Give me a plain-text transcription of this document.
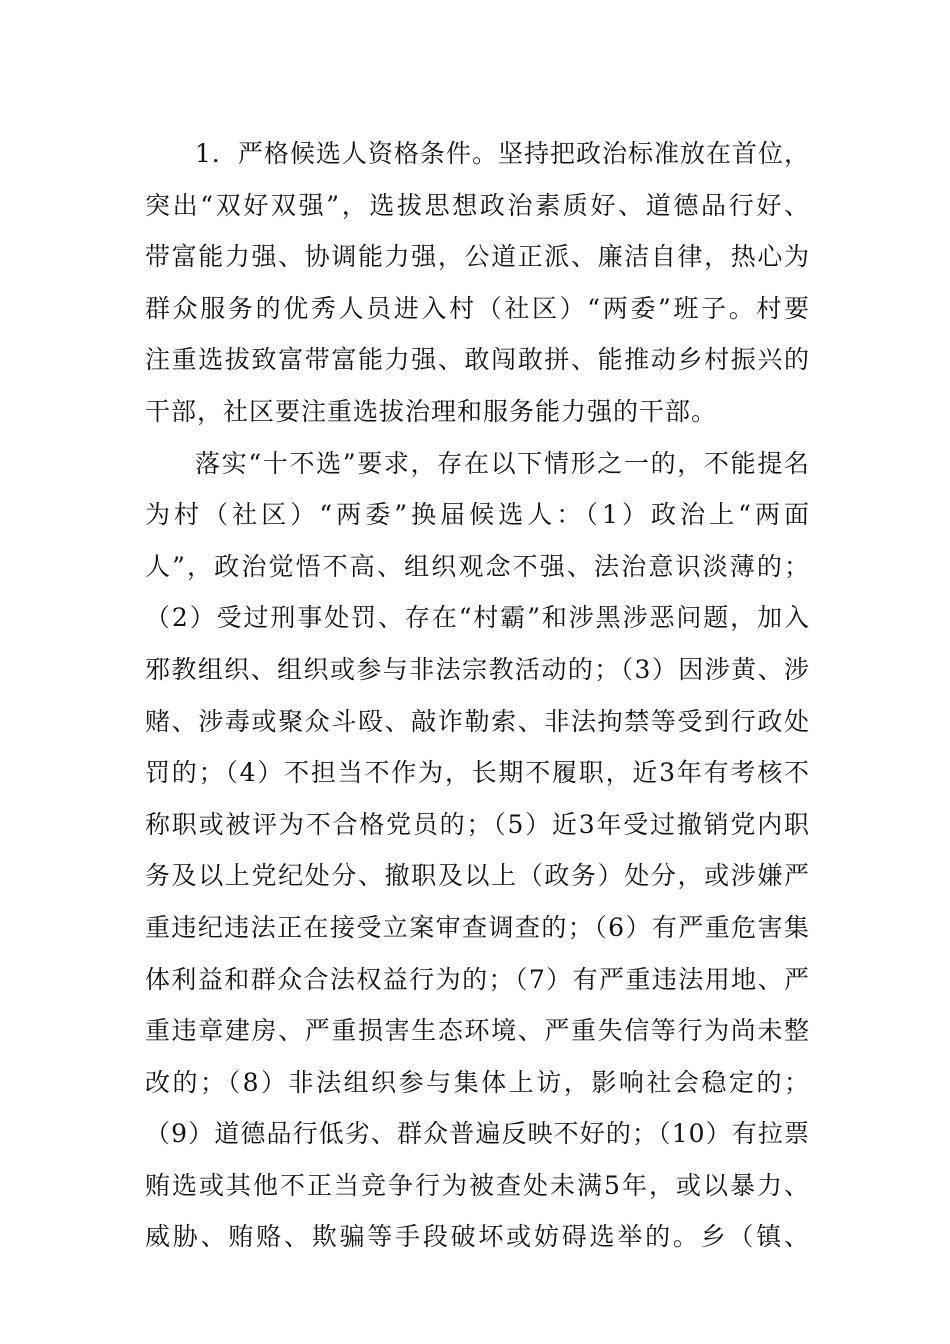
1．严格候选人资格条件。坚持把政治标准放在首位，
突出“双好双强”，选拔思想政治素质好、道德品行好、
带富能力强、协调能力强，公道正派、廉洁自律，热心为
群众服务的优秀人员进入村（社区）“两委”班子。村要
注重选拔致富带富能力强、敢闯敢拼、能推动乡村振兴的
干部，社区要注重选拔治理和服务能力强的干部。
落实“十不选”要求，存在以下情形之一的，不能提名
为村（社区）“两委”换届候选人：（1）政治上“两面
人”，政治觉悟不高、组织观念不强、法治意识淡薄的；
（2）受过刑事处罚、存在“村霸”和涉黑涉恶问题，加入
邪教组织、组织或参与非法宗教活动的；（3）因涉黄、涉
赌、涉毒或聚众斗殴、敲诈勒索、非法拘禁等受到行政处
罚的；（4）不担当不作为，长期不履职，近3年有考核不
称职或被评为不合格党员的；（5）近3年受过撤销党内职
务及以上党纪处分、撤职及以上（政务）处分，或涉嫌严
重违纪违法正在接受立案审查调查的；（6）有严重危害集
体利益和群众合法权益行为的；（7）有严重违法用地、严
重违章建房、严重损害生态环境、严重失信等行为尚未整
改的；（8）非法组织参与集体上访，影响社会稳定的；
（9）道德品行低劣、群众普遍反映不好的；（10）有拉票
贿选或其他不正当竞争行为被查处未满5年，或以暴力、
威胁、贿赂、欺骗等手段破坏或妨碍选举的。乡（镇、
